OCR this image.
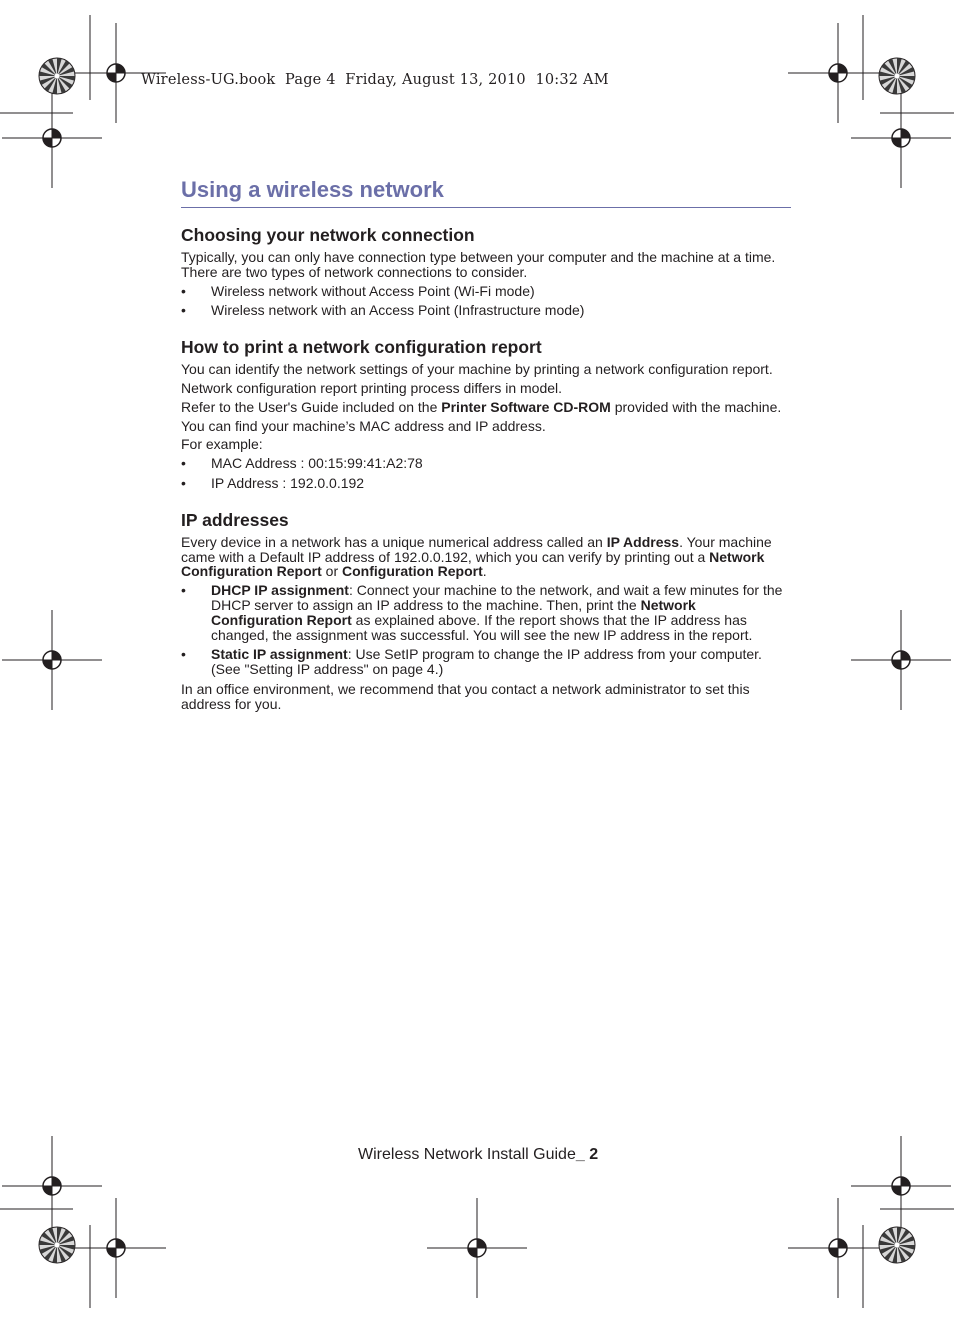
Wireless-UG.book  Page 4  Friday, August 13, 2010  10:32 AM
Using a wireless network
Choosing your network connection

Typically, you can only have connection type between your computer and the machine at a time. There are two types of network connections to consider.

• Wireless network without Access Point (Wi-Fi mode)
• Wireless network with an Access Point (Infrastructure mode)
How to print a network configuration report

You can identify the network settings of your machine by printing a network configuration report.

Network configuration report printing process differs in model.

Refer to the User's Guide included on the Printer Software CD-ROM provided with the machine.

You can find your machine’s MAC address and IP address.

For example:

• MAC Address : 00:15:99:41:A2:78
• IP Address : 192.0.0.192
IP addresses

Every device in a network has a unique numerical address called an IP Address. Your machine came with a Default IP address of 192.0.0.192, which you can verify by printing out a Network Configuration Report or Configuration Report.

• DHCP IP assignment: Connect your machine to the network, and wait a few minutes for the DHCP server to assign an IP address to the machine. Then, print the Network Configuration Report as explained above. If the report shows that the IP address has changed, the assignment was successful. You will see the new IP address in the report.
• Static IP assignment: Use SetIP program to change the IP address from your computer. (See "Setting IP address" on page 4.)

In an office environment, we recommend that you contact a network administrator to set this address for you.

Wireless Network Install Guide_ 2
